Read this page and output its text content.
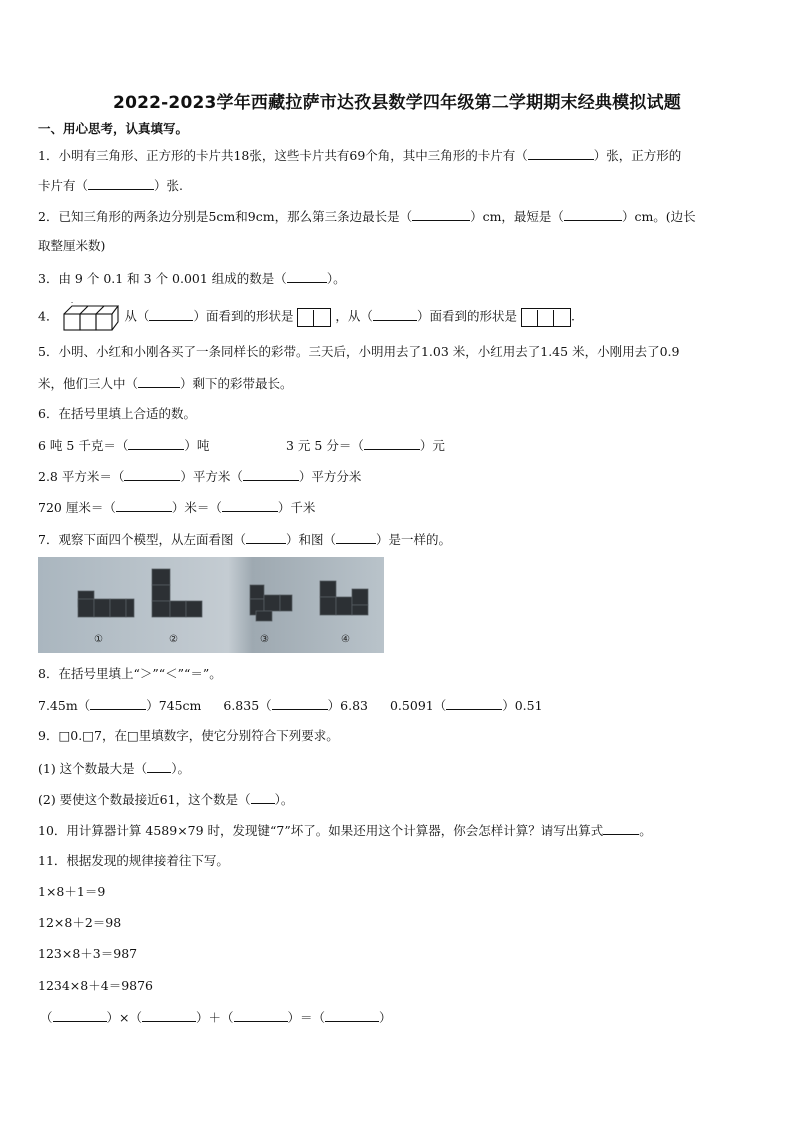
2022-2023学年西藏拉萨市达孜县数学四年级第二学期期末经典模拟试题
一、用心思考，认真填写。
1．小明有三角形、正方形的卡片共18张，这些卡片共有69个角，其中三角形的卡片有（	）张，正方形的
卡片有（	）张.
2．已知三角形的两条边分别是5cm和9cm，那么第三条边最长是（	）cm，最短是（	）cm。(边长
取整厘米数)
3．由 9 个 0.1 和 3 个 0.001 组成的数是（	）。
4．	从（	）面看到的形状是	，从（	）面看到的形状是	.
5．小明、小红和小刚各买了一条同样长的彩带。三天后，小明用去了1.03 米，小红用去了1.45 米，小刚用去了0.9
米，他们三人中（	）剩下的彩带最长。
6．在括号里填上合适的数。
6 吨 5 千克＝（	）吨	3 元 5 分＝（	）元
2.8 平方米＝（	）平方米（	）平方分米
720 厘米＝（	）米＝（	）千米
7．观察下面四个模型，从左面看图（	）和图（	）是一样的。
①	②	③	④
8．在括号里填上“＞”“＜”“＝”。
7.45m（	）745cm 6.835（	）6.83 0.5091（	）0.51
9．□0.□7，在□里填数字，使它分别符合下列要求。
(1) 这个数最大是（ ）。
(2) 要使这个数最接近61，这个数是（ ）。
10．用计算器计算 4589×79 时，发现键“7”坏了。如果还用这个计算器，你会怎样计算？请写出算式	。
11．根据发现的规律接着往下写。
1×8＋1＝9
12×8＋2＝98
123×8＋3＝987
1234×8＋4＝9876
（	）×（	）＋（	）＝（	）
